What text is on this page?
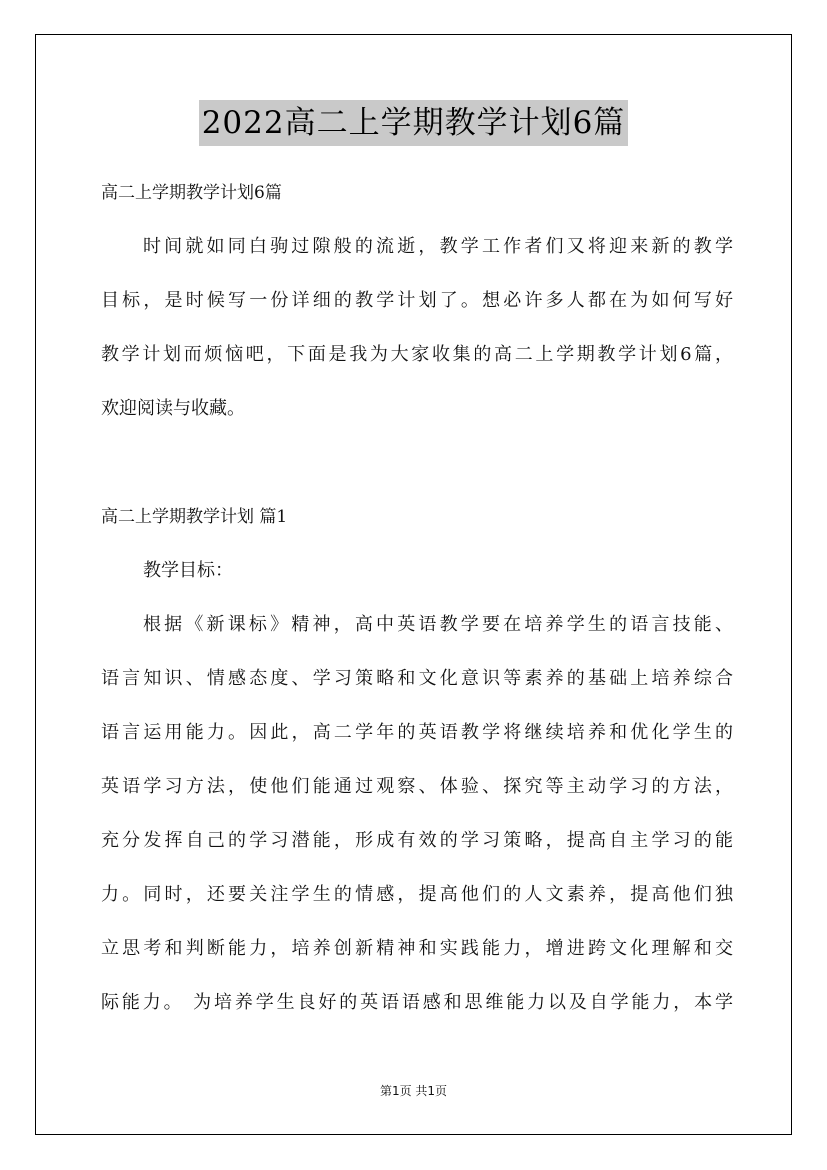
2022高二上学期教学计划6篇
高二上学期教学计划6篇
时间就如同白驹过隙般的流逝，教学工作者们又将迎来新的教学
目标，是时候写一份详细的教学计划了。想必许多人都在为如何写好
教学计划而烦恼吧，下面是我为大家收集的高二上学期教学计划6篇，
欢迎阅读与收藏。
高二上学期教学计划 篇1
教学目标：
根据《新课标》精神，高中英语教学要在培养学生的语言技能、
语言知识、情感态度、学习策略和文化意识等素养的基础上培养综合
语言运用能力。因此，高二学年的英语教学将继续培养和优化学生的
英语学习方法，使他们能通过观察、体验、探究等主动学习的方法，
充分发挥自己的学习潜能，形成有效的学习策略，提高自主学习的能
力。同时，还要关注学生的情感，提高他们的人文素养，提高他们独
立思考和判断能力，培养创新精神和实践能力，增进跨文化理解和交
际能力。 为培养学生良好的英语语感和思维能力以及自学能力，本学
第1页 共1页
